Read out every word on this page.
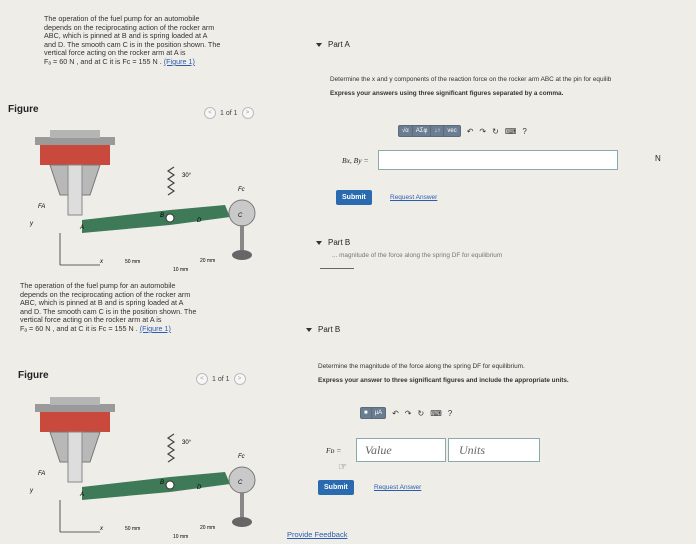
The operation of the fuel pump for an automobile
depends on the reciprocating action of the rocker arm
ABC, which is pinned at B and is spring loaded at A
and D. The smooth cam C is in the position shown. The
vertical force acting on the rocker arm at A is
Fₐ = 60 N , and at C it is Fᴄ = 155 N . (Figure 1)
Figure	<	1 of 1	>
A
B	C
D
FA
Fc
y
x
30°
50 mm
10 mm
20 mm
The operation of the fuel pump for an automobile
depends on the reciprocating action of the rocker arm
ABC, which is pinned at B and is spring loaded at A
and D. The smooth cam C is in the position shown. The
vertical force acting on the rocker arm at A is
Fₐ = 60 N , and at C it is Fᴄ = 155 N . (Figure 1)
Figure	<	1 of 1	>
A
B	C
D
FA
Fc
y
x
30°
50 mm
10 mm
20 mm
Part A
Determine the x and y components of the reaction force on the rocker arm ABC at the pin for equilib
Express your answers using three significant figures separated by a comma.
√α	AΣφ	↓↑	vec	↶ ↷ ↻ ⌨ ?
Bx, By =	N
Submit	Request Answer
Part B
... magnitude of the force along the spring DF for equilibrium
Part B
Determine the magnitude of the force along the spring DF for equilibrium.
Express your answer to three significant figures and include the appropriate units.
■	μA	↶ ↷ ↻ ⌨ ?
Fᴅ = Value	Units
☞
Submit	Request Answer
Provide Feedback
